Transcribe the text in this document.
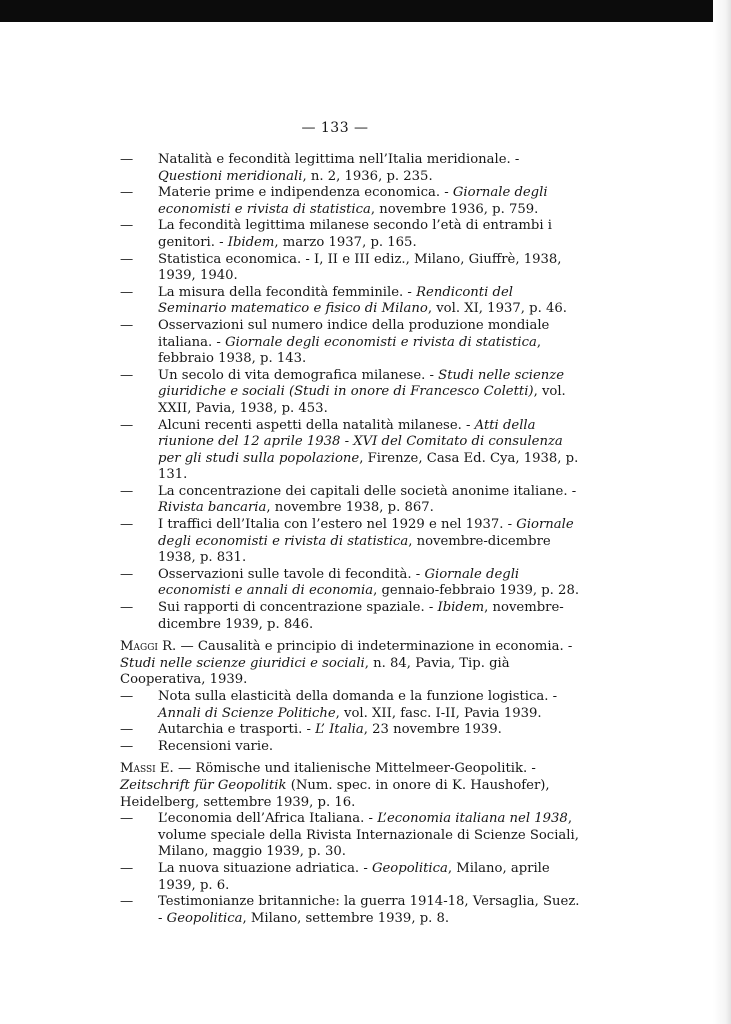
— 133 —
—	Natalità e fecondità legittima nell’Italia meridionale. - Questioni meridionali, n. 2, 1936, p. 235.
—	Materie prime e indipendenza economica. - Giornale degli economisti e rivista di statistica, novembre 1936, p. 759.
—	La fecondità legittima milanese secondo l’età di entrambi i genitori. - Ibidem, marzo 1937, p. 165.
—	Statistica economica. - I, II e III ediz., Milano, Giuffrè, 1938, 1939, 1940.
—	La misura della fecondità femminile. - Rendiconti del Seminario matematico e fisico di Milano, vol. XI, 1937, p. 46.
—	Osservazioni sul numero indice della produzione mondiale italiana. - Giornale degli economisti e rivista di statistica, febbraio 1938, p. 143.
—	Un secolo di vita demografica milanese. - Studi nelle scienze giuridiche e sociali (Studi in onore di Francesco Coletti), vol. XXII, Pavia, 1938, p. 453.
—	Alcuni recenti aspetti della natalità milanese. - Atti della riunione del 12 aprile 1938 - XVI del Comitato di consulenza per gli studi sulla popolazione, Firenze, Casa Ed. Cya, 1938, p. 131.
—	La concentrazione dei capitali delle società anonime italiane. - Rivista bancaria, novembre 1938, p. 867.
—	I traffici dell’Italia con l’estero nel 1929 e nel 1937. - Giornale degli economisti e rivista di statistica, novembre-dicembre 1938, p. 831.
—	Osservazioni sulle tavole di fecondità. - Giornale degli economisti e annali di economia, gennaio-febbraio 1939, p. 28.
—	Sui rapporti di concentrazione spaziale. - Ibidem, novembre-dicembre 1939, p. 846.
Maggi R. — Causalità e principio di indeterminazione in economia. - Studi nelle scienze giuridici e sociali, n. 84, Pavia, Tip. già Cooperativa, 1939.
—	Nota sulla elasticità della domanda e la funzione logistica. - Annali di Scienze Politiche, vol. XII, fasc. I-II, Pavia 1939.
—	Autarchia e trasporti. - L’ Italia, 23 novembre 1939.
—	Recensioni varie.
Massi E. — Römische und italienische Mittelmeer-Geopolitik. - Zeitschrift für Geopolitik (Num. spec. in onore di K. Haushofer), Heidelberg, settembre 1939, p. 16.
—	L’economia dell’Africa Italiana. - L’economia italiana nel 1938, volume speciale della Rivista Internazionale di Scienze Sociali, Milano, maggio 1939, p. 30.
—	La nuova situazione adriatica. - Geopolitica, Milano, aprile 1939, p. 6.
—	Testimonianze britanniche: la guerra 1914-18, Versaglia, Suez. - Geopolitica, Milano, settembre 1939, p. 8.
